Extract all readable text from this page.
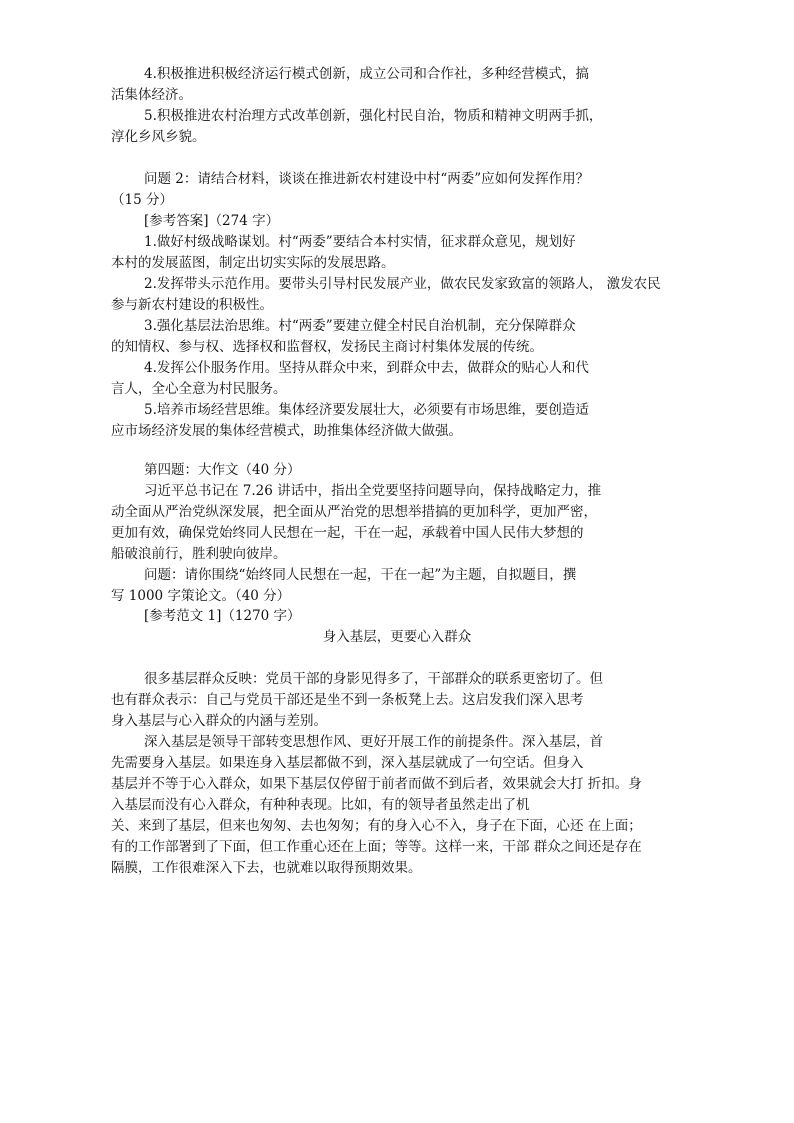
4.积极推进积极经济运行模式创新，成立公司和合作社，多种经营模式，搞
活集体经济。
5.积极推进农村治理方式改革创新，强化村民自治，物质和精神文明两手抓，
淳化乡风乡貌。
问题 2：请结合材料，谈谈在推进新农村建设中村“两委”应如何发挥作用？
（15 分）
[参考答案]（274 字）
1.做好村级战略谋划。村“两委”要结合本村实情，征求群众意见，规划好
本村的发展蓝图，制定出切实实际的发展思路。
2.发挥带头示范作用。要带头引导村民发展产业，做农民发家致富的领路人， 激发农民
参与新农村建设的积极性。
3.强化基层法治思维。村“两委”要建立健全村民自治机制，充分保障群众
的知情权、参与权、选择权和监督权，发扬民主商讨村集体发展的传统。
4.发挥公仆服务作用。坚持从群众中来，到群众中去，做群众的贴心人和代
言人，全心全意为村民服务。
5.培养市场经营思维。集体经济要发展壮大，必须要有市场思维，要创造适
应市场经济发展的集体经营模式，助推集体经济做大做强。
第四题：大作文（40 分）
习近平总书记在 7.26 讲话中，指出全党要坚持问题导向，保持战略定力，推
动全面从严治党纵深发展，把全面从严治党的思想举措搞的更加科学，更加严密，
更加有效，确保党始终同人民想在一起，干在一起，承载着中国人民伟大梦想的
船破浪前行，胜利驶向彼岸。
问题：请你围绕“始终同人民想在一起，干在一起”为主题，自拟题目，撰
写 1000 字策论文。（40 分）
[参考范文 1]（1270 字）
身入基层，更要心入群众
很多基层群众反映：党员干部的身影见得多了，干部群众的联系更密切了。但
也有群众表示：自己与党员干部还是坐不到一条板凳上去。这启发我们深入思考
身入基层与心入群众的内涵与差别。
深入基层是领导干部转变思想作风、更好开展工作的前提条件。深入基层，首
先需要身入基层。如果连身入基层都做不到，深入基层就成了一句空话。但身入
基层并不等于心入群众，如果下基层仅停留于前者而做不到后者，效果就会大打 折扣。身
入基层而没有心入群众，有种种表现。比如，有的领导者虽然走出了机
关、来到了基层，但来也匆匆、去也匆匆；有的身入心不入，身子在下面，心还 在上面；
有的工作部署到了下面，但工作重心还在上面；等等。这样一来，干部 群众之间还是存在
隔膜，工作很难深入下去，也就难以取得预期效果。
